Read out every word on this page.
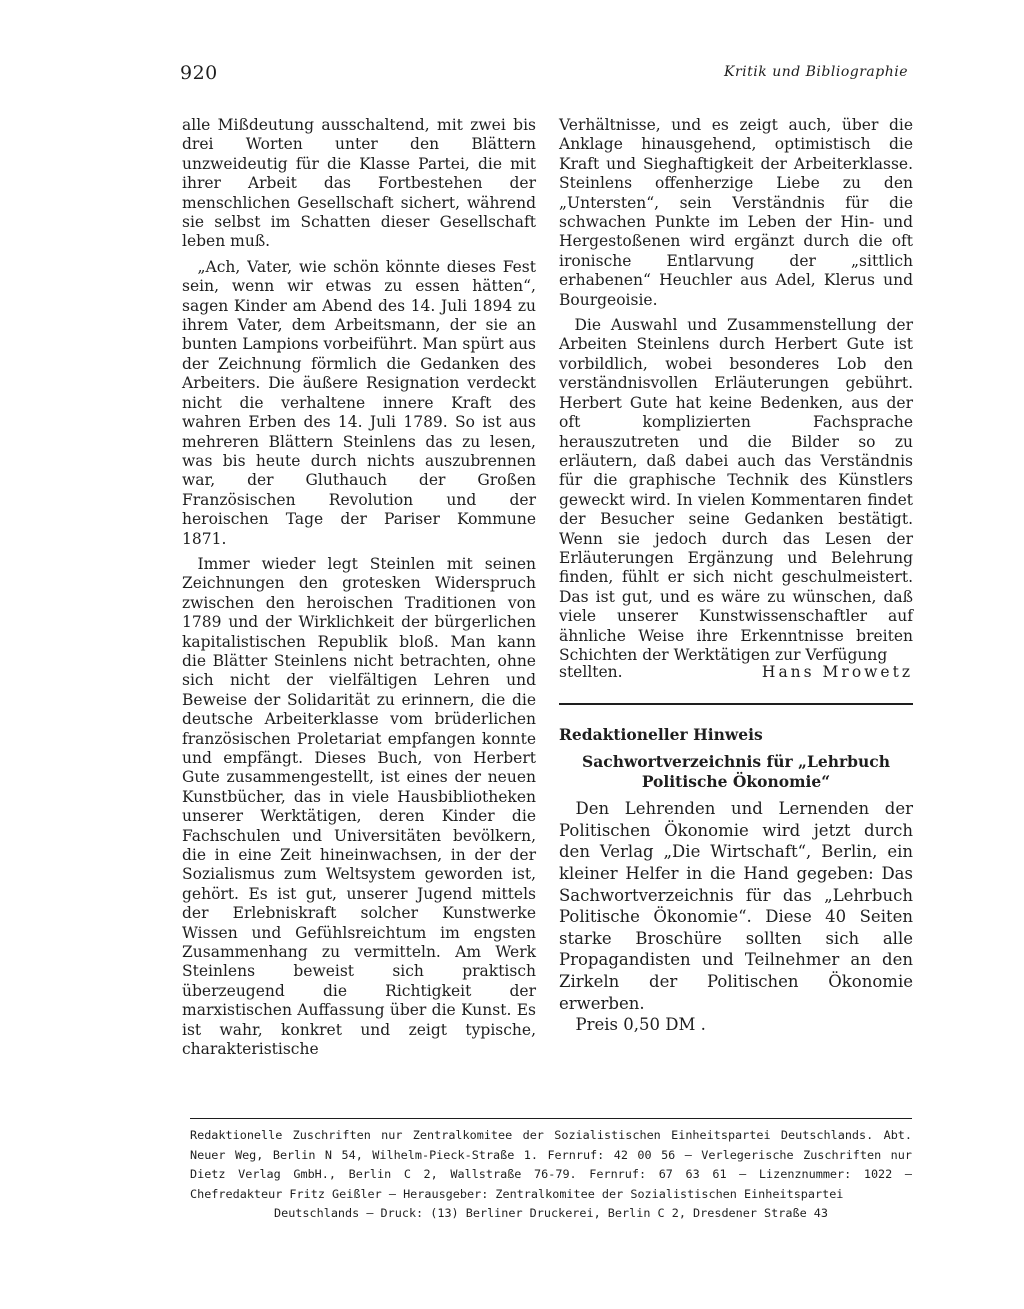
920	Kritik und Bibliographie

alle Mißdeutung ausschaltend, mit zwei bis drei Worten unter den Blättern unzweideutig für die Klasse Partei, die mit ihrer Arbeit das Fortbestehen der menschlichen Gesellschaft sichert, während sie selbst im Schatten dieser Gesellschaft leben muß.

„Ach, Vater, wie schön könnte dieses Fest sein, wenn wir etwas zu essen hätten“, sagen Kinder am Abend des 14. Juli 1894 zu ihrem Vater, dem Arbeitsmann, der sie an bunten Lampions vorbeiführt. Man spürt aus der Zeichnung förmlich die Gedanken des Arbeiters. Die äußere Resignation verdeckt nicht die verhaltene innere Kraft des wahren Erben des 14. Juli 1789. So ist aus mehreren Blättern Steinlens das zu lesen, was bis heute durch nichts auszubrennen war, der Gluthauch der Großen Französischen Revolution und der heroischen Tage der Pariser Kommune 1871.

Immer wieder legt Steinlen mit seinen Zeichnungen den grotesken Widerspruch zwischen den heroischen Traditionen von 1789 und der Wirklichkeit der bürgerlichen kapitalistischen Republik bloß. Man kann die Blätter Steinlens nicht betrachten, ohne sich nicht der vielfältigen Lehren und Beweise der Solidarität zu erinnern, die die deutsche Arbeiterklasse vom brüderlichen französischen Proletariat empfangen konnte und empfängt. Dieses Buch, von Herbert Gute zusammengestellt, ist eines der neuen Kunstbücher, das in viele Hausbibliotheken unserer Werktätigen, deren Kinder die Fachschulen und Universitäten bevölkern, die in eine Zeit hineinwachsen, in der der Sozialismus zum Weltsystem geworden ist, gehört. Es ist gut, unserer Jugend mittels der Erlebniskraft solcher Kunstwerke Wissen und Gefühlsreichtum im engsten Zusammenhang zu vermitteln. Am Werk Steinlens beweist sich praktisch überzeugend die Richtigkeit der marxistischen Auffassung über die Kunst. Es ist wahr, konkret und zeigt typische, charakteristische

Verhältnisse, und es zeigt auch, über die Anklage hinausgehend, optimistisch die Kraft und Sieghaftigkeit der Arbeiterklasse. Steinlens offenherzige Liebe zu den „Untersten“, sein Verständnis für die schwachen Punkte im Leben der Hin- und Hergestoßenen wird ergänzt durch die oft ironische Entlarvung der „sittlich erhabenen“ Heuchler aus Adel, Klerus und Bourgeoisie.

Die Auswahl und Zusammenstellung der Arbeiten Steinlens durch Herbert Gute ist vorbildlich, wobei besonderes Lob den verständnisvollen Erläuterungen gebührt. Herbert Gute hat keine Bedenken, aus der oft komplizierten Fachsprache herauszutreten und die Bilder so zu erläutern, daß dabei auch das Verständnis für die graphische Technik des Künstlers geweckt wird. In vielen Kommentaren findet der Besucher seine Gedanken bestätigt. Wenn sie jedoch durch das Lesen der Erläuterungen Ergänzung und Belehrung finden, fühlt er sich nicht geschulmeistert. Das ist gut, und es wäre zu wünschen, daß viele unserer Kunstwissenschaftler auf ähnliche Weise ihre Erkenntnisse breiten Schichten der Werktätigen zur Verfügung

stellten.	Hans Mrowetz
Redaktioneller Hinweis
Sachwortverzeichnis für „Lehrbuch Politische Ökonomie“

Den Lehrenden und Lernenden der Politischen Ökonomie wird jetzt durch den Verlag „Die Wirtschaft“, Berlin, ein kleiner Helfer in die Hand gegeben: Das Sachwortverzeichnis für das „Lehrbuch Politische Ökonomie“. Diese 40 Seiten starke Broschüre sollten sich alle Propagandisten und Teilnehmer an den Zirkeln der Politischen Ökonomie erwerben.

Preis 0,50 DM .

Redaktionelle Zuschriften nur Zentralkomitee der Sozialistischen Einheitspartei Deutschlands. Abt. Neuer Weg, Berlin N 54, Wilhelm-Pieck-Straße 1. Fernruf: 42 00 56 — Verlegerische Zuschriften nur Dietz Verlag GmbH., Berlin C 2, Wallstraße 76-79. Fernruf: 67 63 61 — Lizenznummer: 1022 — Chefredakteur Fritz Geißler — Herausgeber: Zentralkomitee der Sozialistischen Einheitspartei
Deutschlands — Druck: (13) Berliner Druckerei, Berlin C 2, Dresdener Straße 43
